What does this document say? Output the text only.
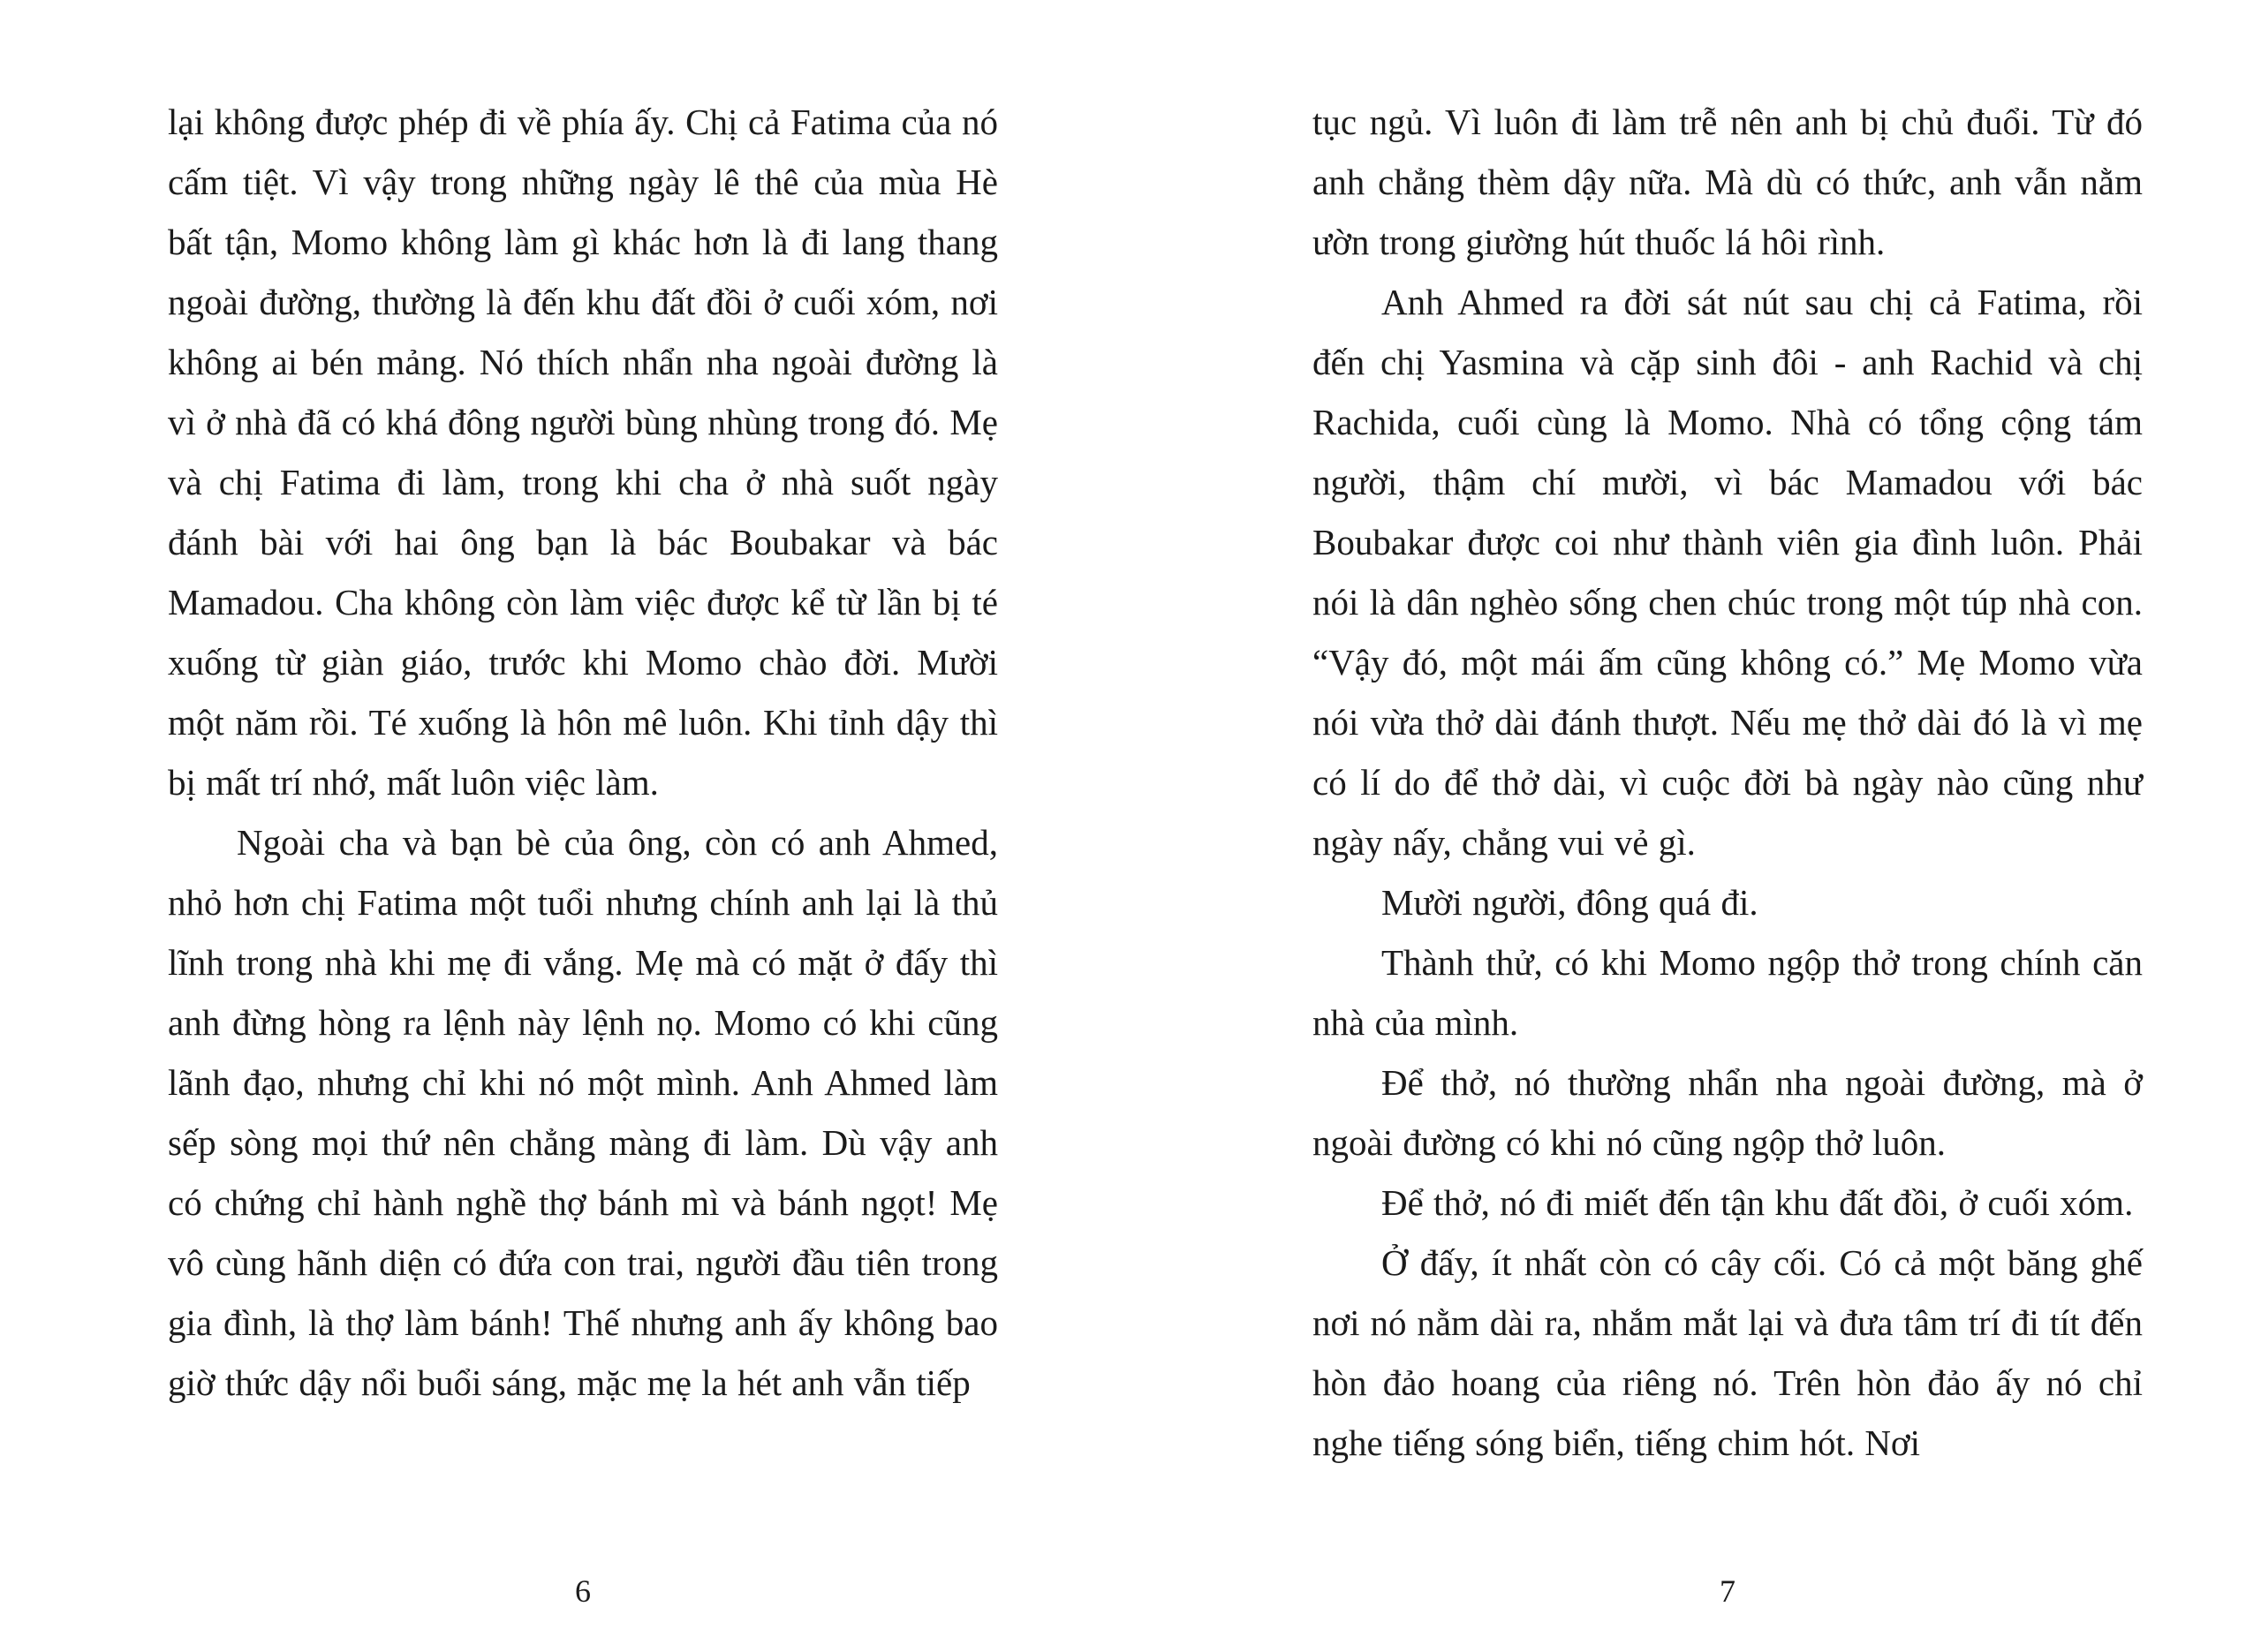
lại không được phép đi về phía ấy. Chị cả Fatima của nó cấm tiệt. Vì vậy trong những ngày lê thê của mùa Hè bất tận, Momo không làm gì khác hơn là đi lang thang ngoài đường, thường là đến khu đất đồi ở cuối xóm, nơi không ai bén mảng. Nó thích nhẩn nha ngoài đường là vì ở nhà đã có khá đông người bùng nhùng trong đó. Mẹ và chị Fatima đi làm, trong khi cha ở nhà suốt ngày đánh bài với hai ông bạn là bác Boubakar và bác Mamadou. Cha không còn làm việc được kể từ lần bị té xuống từ giàn giáo, trước khi Momo chào đời. Mười một năm rồi. Té xuống là hôn mê luôn. Khi tỉnh dậy thì bị mất trí nhớ, mất luôn việc làm.

Ngoài cha và bạn bè của ông, còn có anh Ahmed, nhỏ hơn chị Fatima một tuổi nhưng chính anh lại là thủ lĩnh trong nhà khi mẹ đi vắng. Mẹ mà có mặt ở đấy thì anh đừng hòng ra lệnh này lệnh nọ. Momo có khi cũng lãnh đạo, nhưng chỉ khi nó một mình. Anh Ahmed làm sếp sòng mọi thứ nên chẳng màng đi làm. Dù vậy anh có chứng chỉ hành nghề thợ bánh mì và bánh ngọt! Mẹ vô cùng hãnh diện có đứa con trai, người đầu tiên trong gia đình, là thợ làm bánh! Thế nhưng anh ấy không bao giờ thức dậy nổi buổi sáng, mặc mẹ la hét anh vẫn tiếp

6

tục ngủ. Vì luôn đi làm trễ nên anh bị chủ đuổi. Từ đó anh chẳng thèm dậy nữa. Mà dù có thức, anh vẫn nằm ườn trong giường hút thuốc lá hôi rình.

Anh Ahmed ra đời sát nút sau chị cả Fatima, rồi đến chị Yasmina và cặp sinh đôi - anh Rachid và chị Rachida, cuối cùng là Momo. Nhà có tổng cộng tám người, thậm chí mười, vì bác Mamadou với bác Boubakar được coi như thành viên gia đình luôn. Phải nói là dân nghèo sống chen chúc trong một túp nhà con. “Vậy đó, một mái ấm cũng không có.” Mẹ Momo vừa nói vừa thở dài đánh thượt. Nếu mẹ thở dài đó là vì mẹ có lí do để thở dài, vì cuộc đời bà ngày nào cũng như ngày nấy, chẳng vui vẻ gì.

Mười người, đông quá đi.

Thành thử, có khi Momo ngộp thở trong chính căn nhà của mình.

Để thở, nó thường nhẩn nha ngoài đường, mà ở ngoài đường có khi nó cũng ngộp thở luôn.

Để thở, nó đi miết đến tận khu đất đồi, ở cuối xóm.

Ở đấy, ít nhất còn có cây cối. Có cả một băng ghế nơi nó nằm dài ra, nhắm mắt lại và đưa tâm trí đi tít đến hòn đảo hoang của riêng nó. Trên hòn đảo ấy nó chỉ nghe tiếng sóng biển, tiếng chim hót. Nơi

7
